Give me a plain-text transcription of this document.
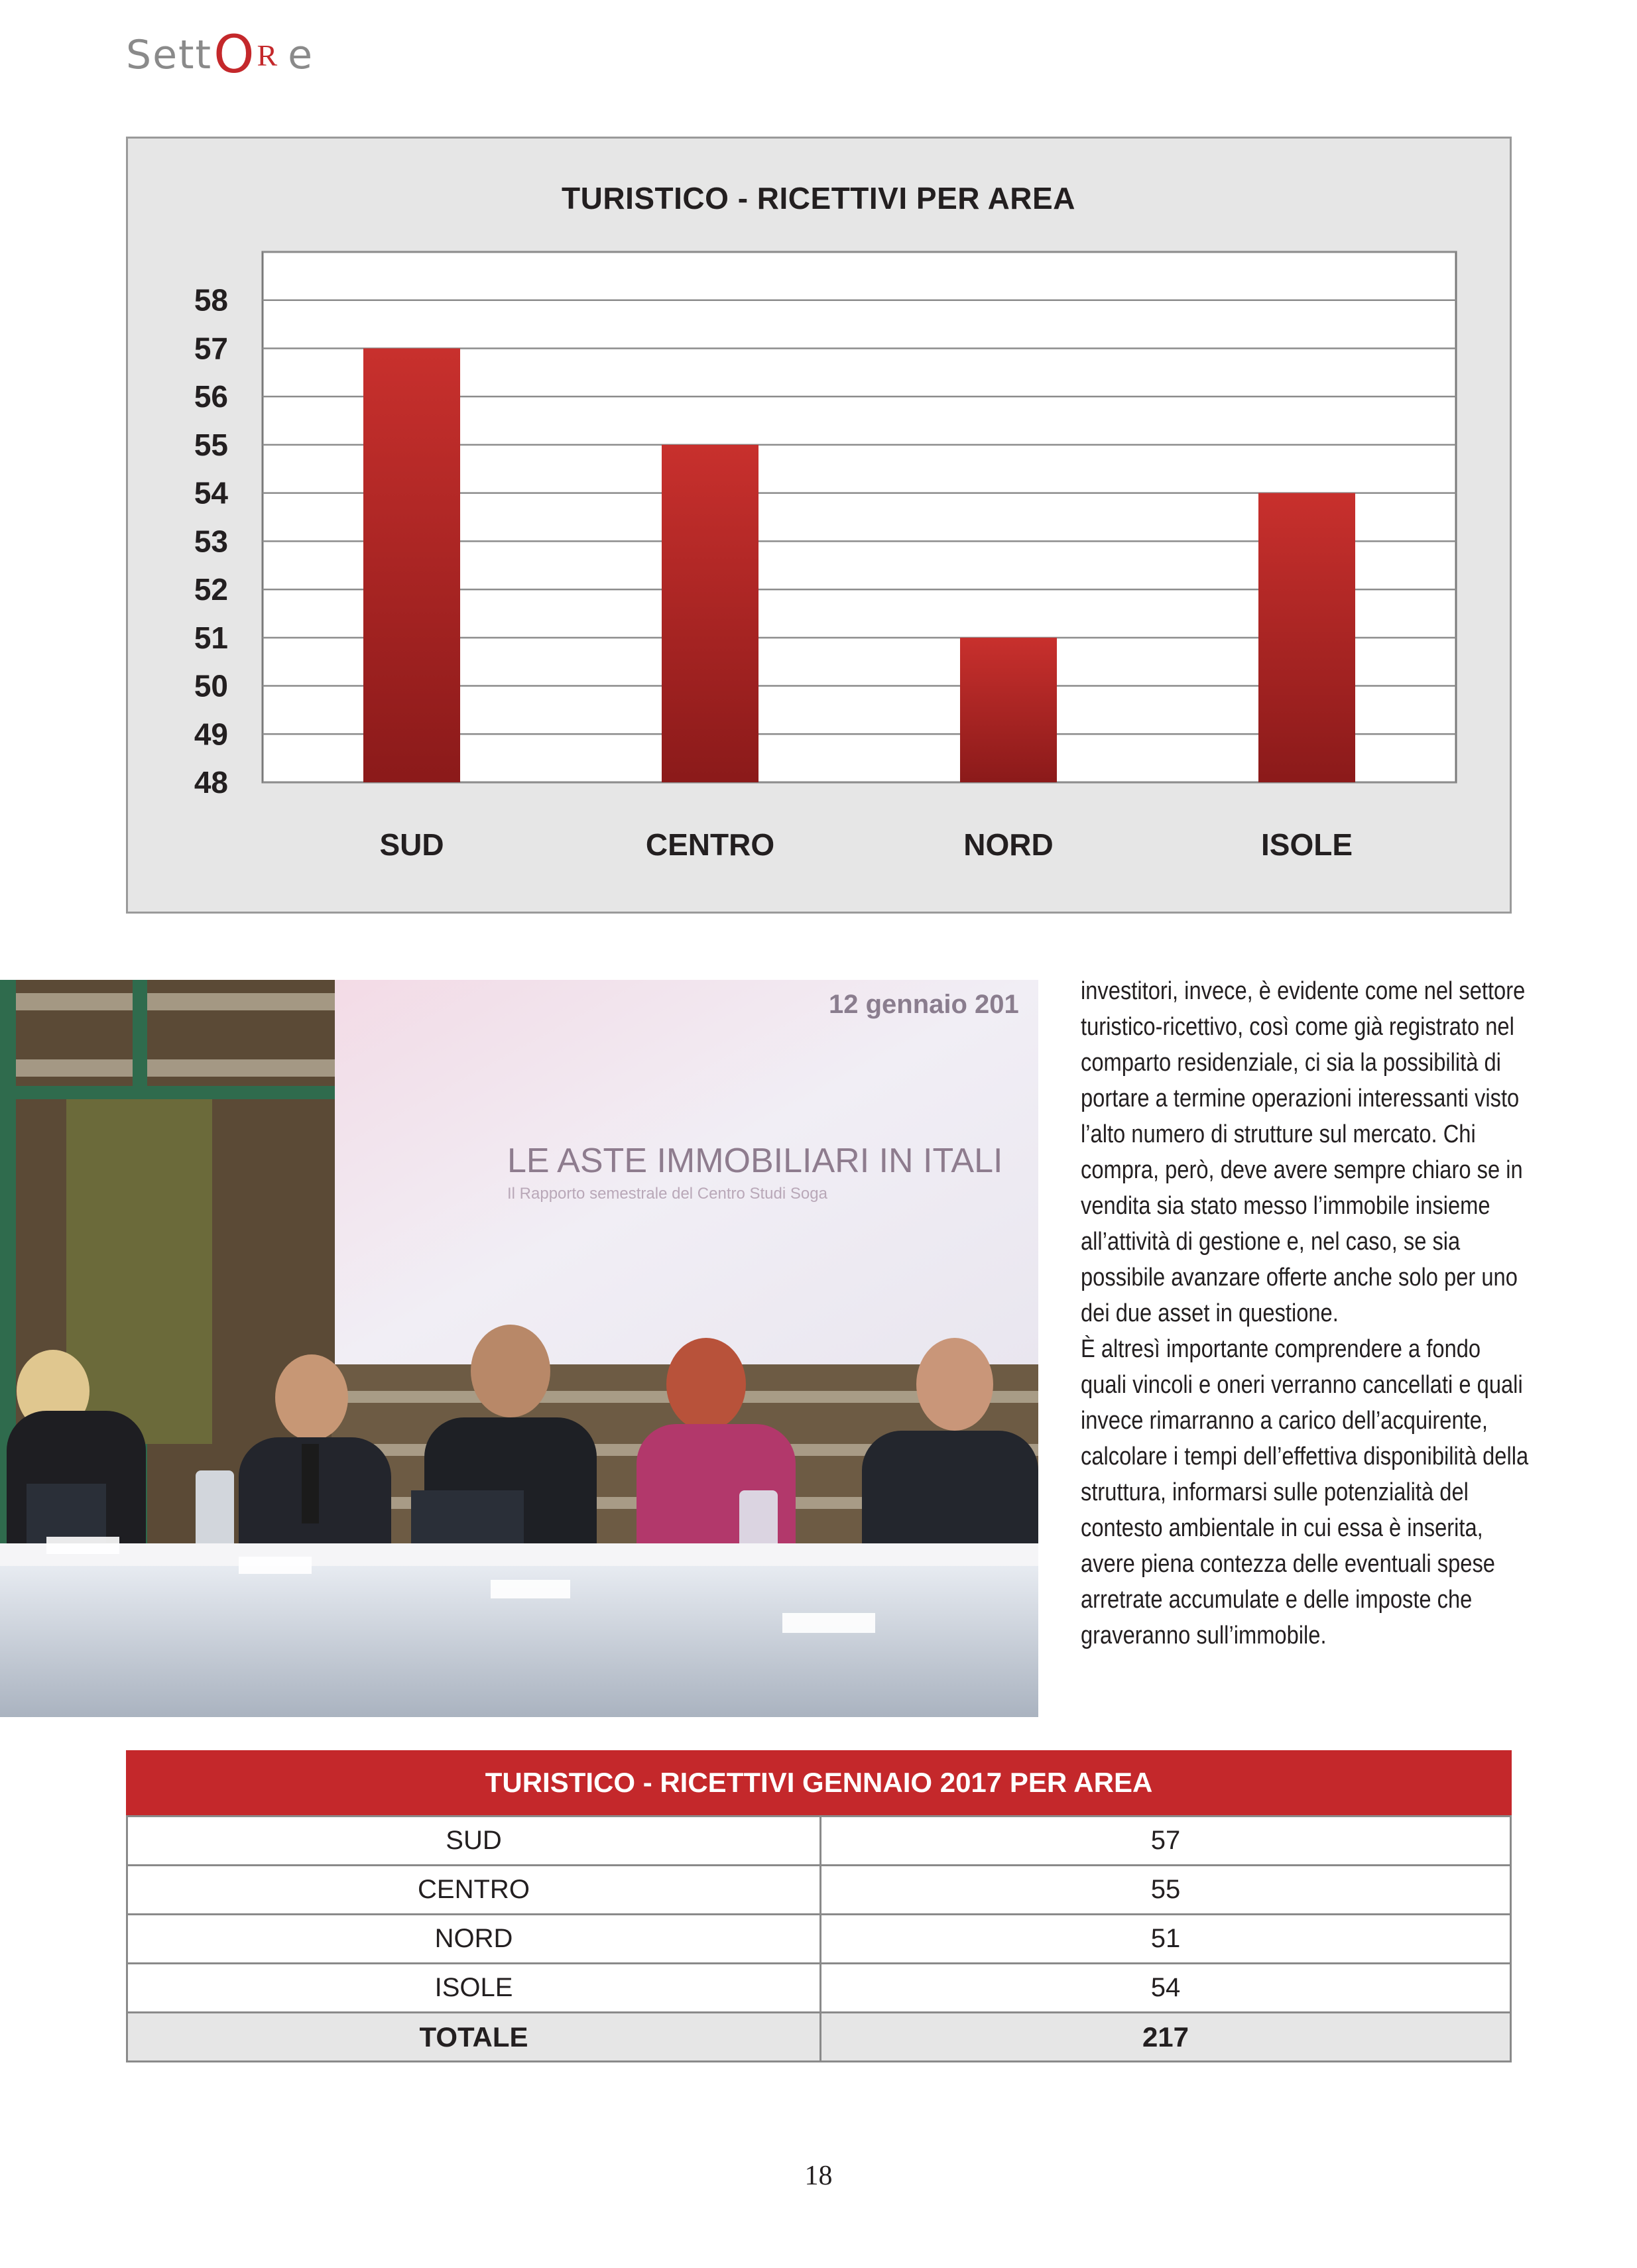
Sett O R e
TURISTICO - RICETTIVI PER AREA
48
49
50
51
52
53
54
55
56
57
58
SUD	CENTRO	NORD	ISOLE
12 gennaio 201
LE ASTE IMMOBILIARI IN ITALI
Il Rapporto semestrale del Centro Studi Soga

investitori, invece, è evidente come nel settore turistico-ricettivo, così come già registrato nel comparto residenziale, ci sia la possibilità di portare a termine operazioni interessanti visto l’alto numero di strutture sul mercato. Chi compra, però, deve avere sempre chiaro se in vendita sia stato messo l’immobile insieme all’attività di gestione e, nel caso, se sia possibile avanzare offerte anche solo per uno dei due asset in questione.

È altresì importante comprendere a fondo quali vincoli e oneri verranno cancellati e quali invece rimarranno a carico dell’acquirente, calcolare i tempi dell’effettiva disponibilità della struttura, informarsi sulle potenzialità del contesto ambientale in cui essa è inserita, avere piena contezza delle eventuali spese arretrate accumulate e delle imposte che graveranno sull’immobile.

TURISTICO - RICETTIVI GENNAIO 2017 PER AREA
SUD	57
CENTRO	55
NORD	51
ISOLE	54
TOTALE	217
18
